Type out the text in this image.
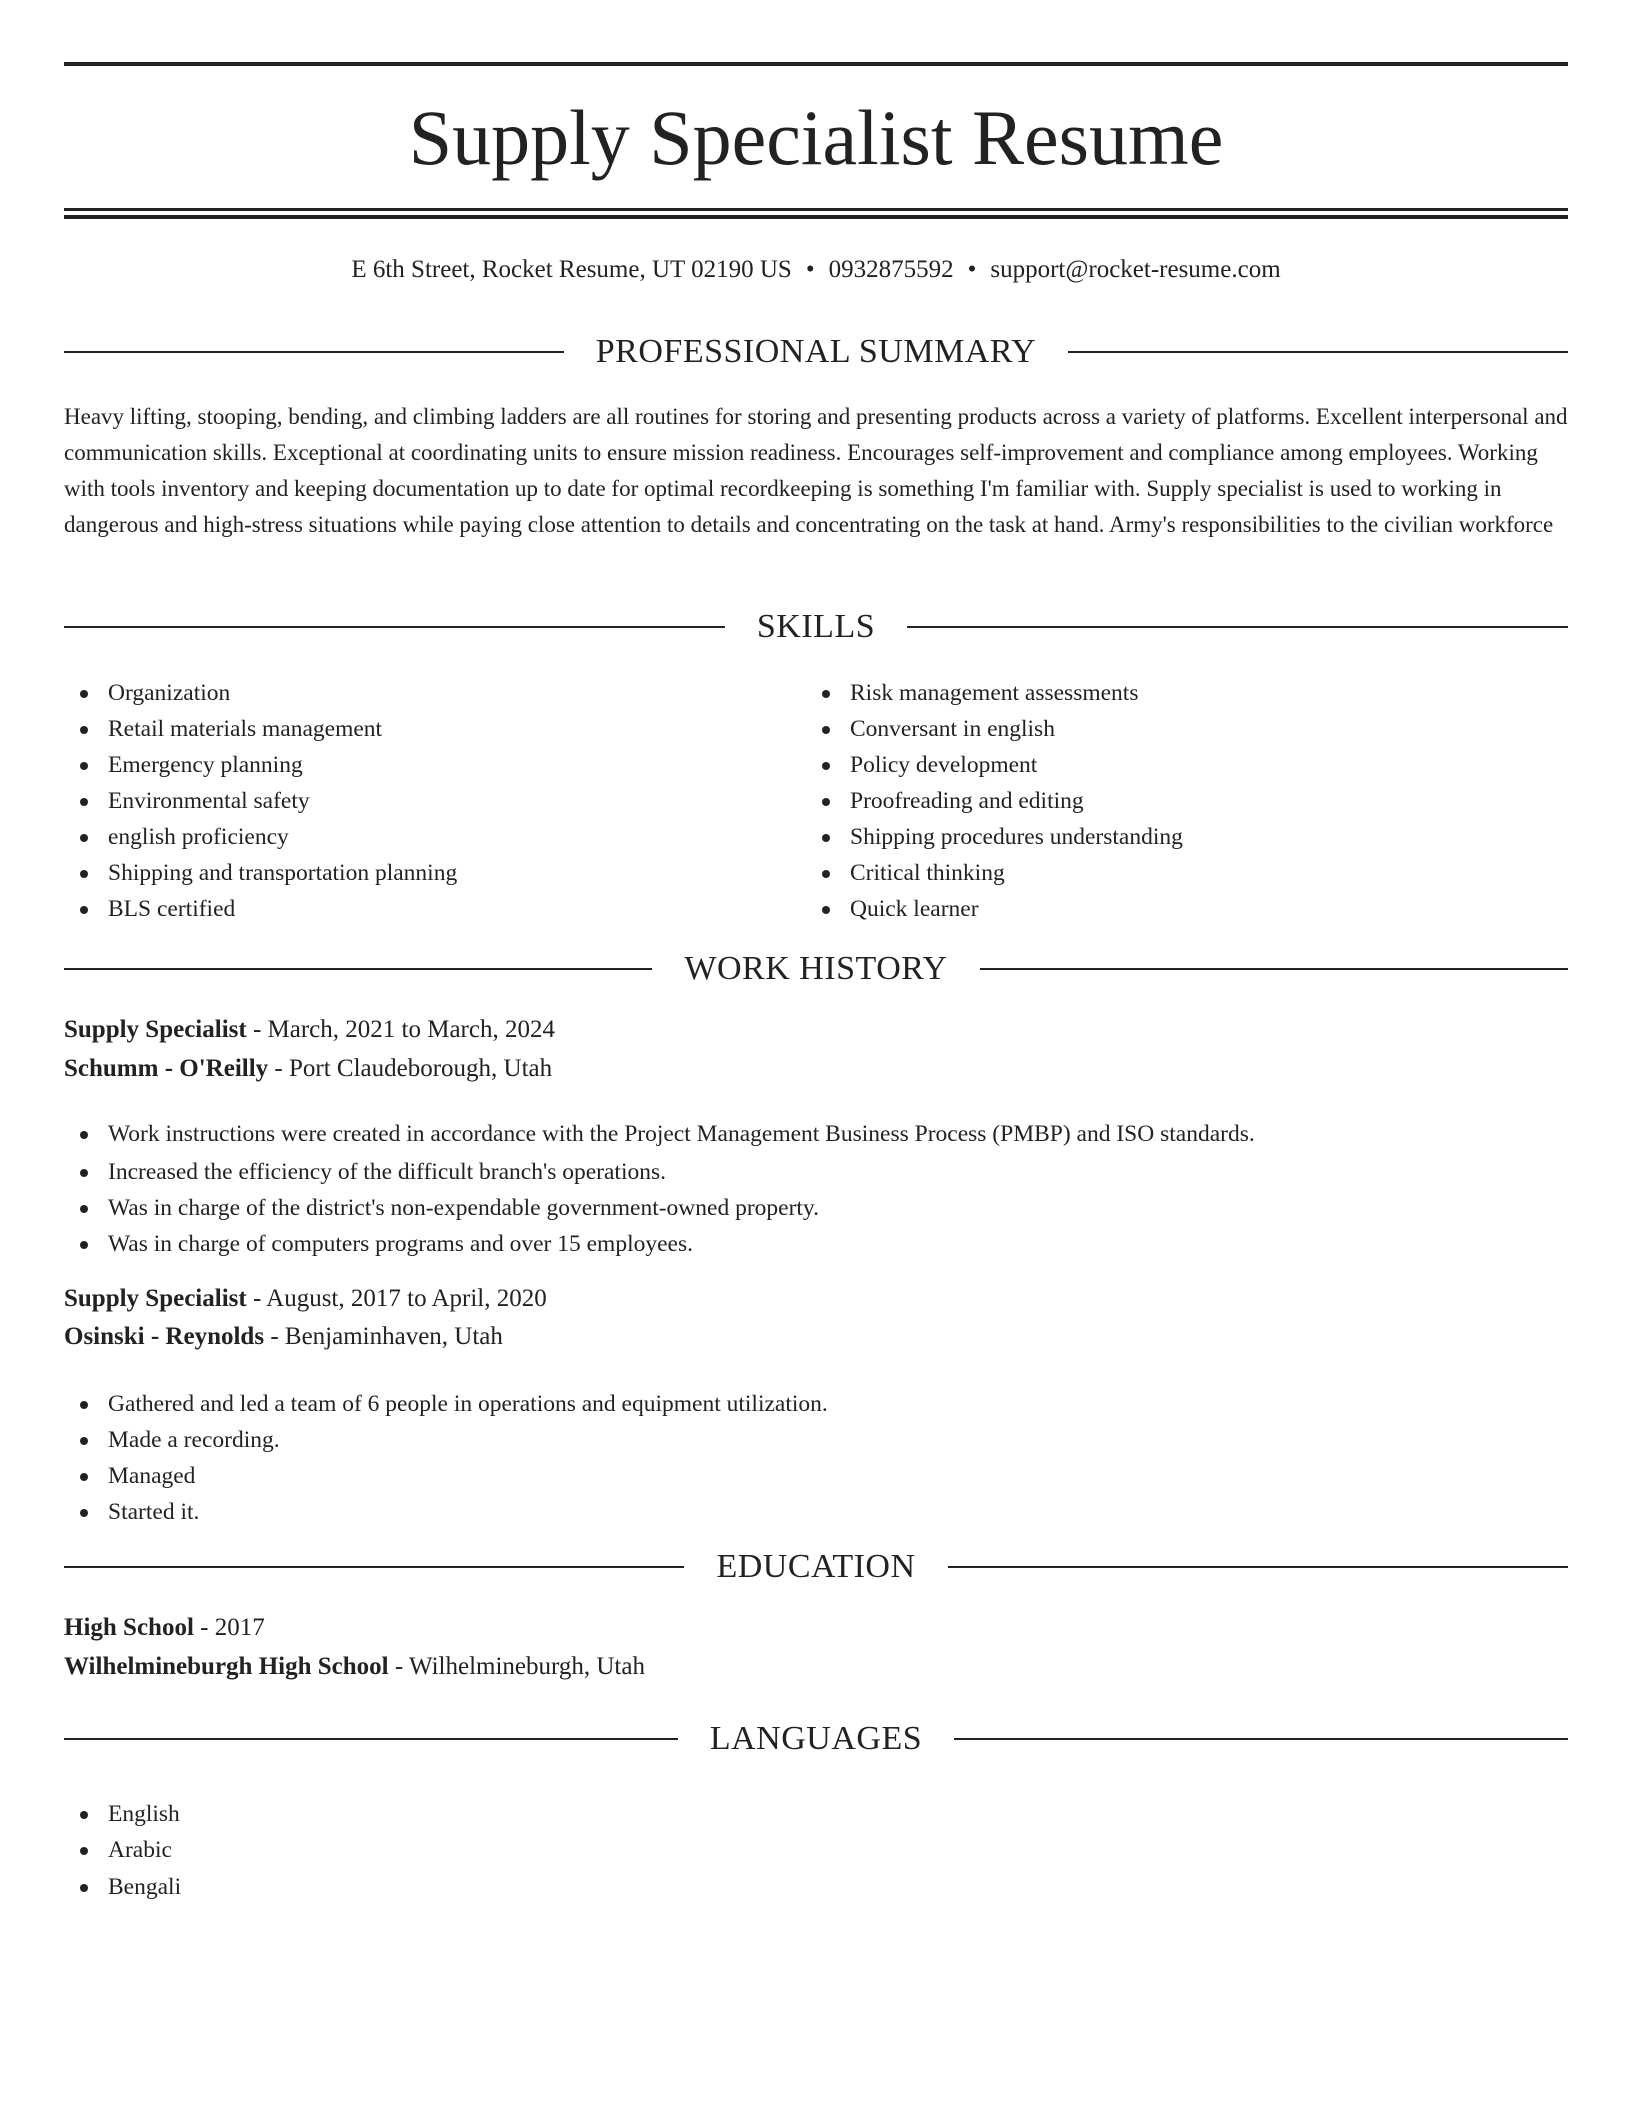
Supply Specialist Resume
E 6th Street, Rocket Resume, UT 02190 US • 0932875592 • support@rocket-resume.com
PROFESSIONAL SUMMARY

Heavy lifting, stooping, bending, and climbing ladders are all routines for storing and presenting products across a variety of platforms. Excellent interpersonal and communication skills. Exceptional at coordinating units to ensure mission readiness. Encourages self-improvement and compliance among employees. Working with tools inventory and keeping documentation up to date for optimal recordkeeping is something I'm familiar with. Supply specialist is used to working in dangerous and high-stress situations while paying close attention to details and concentrating on the task at hand. Army's responsibilities to the civilian workforce

SKILLS
Organization
Retail materials management
Emergency planning
Environmental safety
english proficiency
Shipping and transportation planning
BLS certified
Risk management assessments
Conversant in english
Policy development
Proofreading and editing
Shipping procedures understanding
Critical thinking
Quick learner
WORK HISTORY
Supply Specialist - March, 2021 to March, 2024
Schumm - O'Reilly - Port Claudeborough, Utah
Work instructions were created in accordance with the Project Management Business Process (PMBP) and ISO standards.
Increased the efficiency of the difficult branch's operations.
Was in charge of the district's non-expendable government-owned property.
Was in charge of computers programs and over 15 employees.
Supply Specialist - August, 2017 to April, 2020
Osinski - Reynolds - Benjaminhaven, Utah
Gathered and led a team of 6 people in operations and equipment utilization.
Made a recording.
Managed
Started it.
EDUCATION
High School - 2017
Wilhelmineburgh High School - Wilhelmineburgh, Utah
LANGUAGES
English
Arabic
Bengali
